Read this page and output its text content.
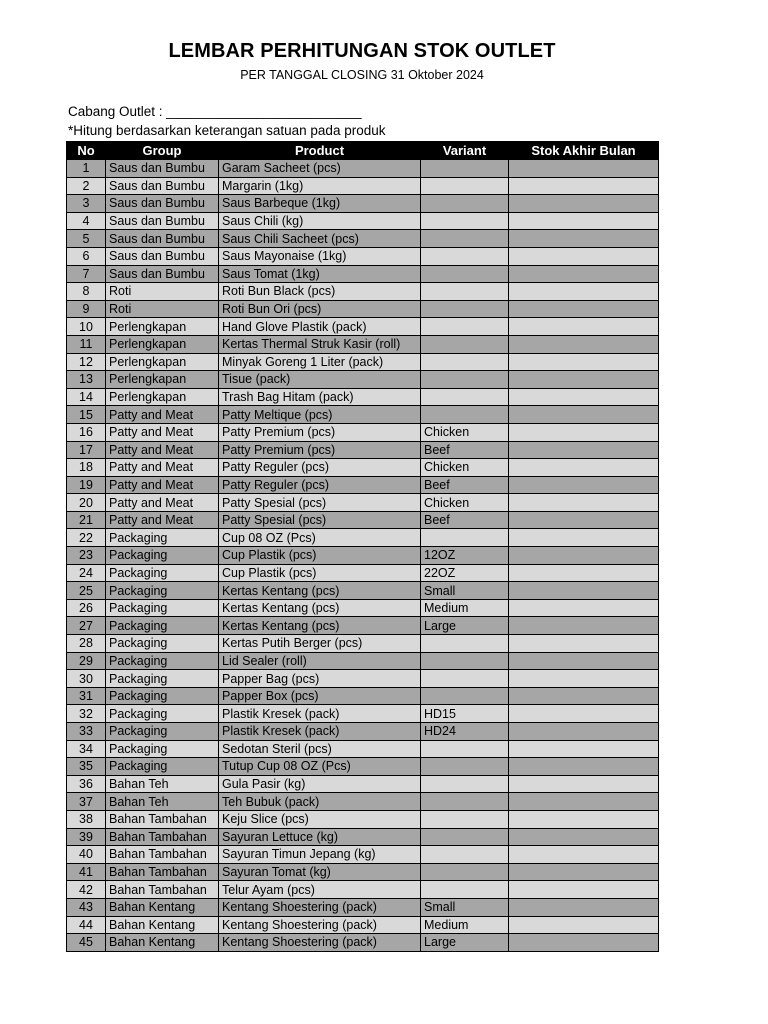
LEMBAR PERHITUNGAN STOK OUTLET
PER TANGGAL CLOSING 31 Oktober 2024
Cabang Outlet : __________________________
*Hitung berdasarkan keterangan satuan pada produk
No	Group	Product	Variant	Stok Akhir Bulan
1	Saus dan Bumbu	Garam Sacheet (pcs)		
2	Saus dan Bumbu	Margarin (1kg)		
3	Saus dan Bumbu	Saus Barbeque (1kg)		
4	Saus dan Bumbu	Saus Chili (kg)		
5	Saus dan Bumbu	Saus Chili Sacheet (pcs)		
6	Saus dan Bumbu	Saus Mayonaise (1kg)		
7	Saus dan Bumbu	Saus Tomat (1kg)		
8	Roti	Roti Bun Black (pcs)		
9	Roti	Roti Bun Ori (pcs)		
10	Perlengkapan	Hand Glove Plastik (pack)		
11	Perlengkapan	Kertas Thermal Struk Kasir (roll)		
12	Perlengkapan	Minyak Goreng 1 Liter (pack)		
13	Perlengkapan	Tisue (pack)		
14	Perlengkapan	Trash Bag Hitam (pack)		
15	Patty and Meat	Patty Meltique (pcs)		
16	Patty and Meat	Patty Premium (pcs)	Chicken	
17	Patty and Meat	Patty Premium (pcs)	Beef	
18	Patty and Meat	Patty Reguler (pcs)	Chicken	
19	Patty and Meat	Patty Reguler (pcs)	Beef	
20	Patty and Meat	Patty Spesial (pcs)	Chicken	
21	Patty and Meat	Patty Spesial (pcs)	Beef	
22	Packaging	Cup 08 OZ (Pcs)		
23	Packaging	Cup Plastik (pcs)	12OZ	
24	Packaging	Cup Plastik (pcs)	22OZ	
25	Packaging	Kertas Kentang (pcs)	Small	
26	Packaging	Kertas Kentang (pcs)	Medium	
27	Packaging	Kertas Kentang (pcs)	Large	
28	Packaging	Kertas Putih Berger (pcs)		
29	Packaging	Lid Sealer (roll)		
30	Packaging	Papper Bag (pcs)		
31	Packaging	Papper Box (pcs)		
32	Packaging	Plastik Kresek (pack)	HD15	
33	Packaging	Plastik Kresek (pack)	HD24	
34	Packaging	Sedotan Steril (pcs)		
35	Packaging	Tutup Cup 08 OZ (Pcs)		
36	Bahan Teh	Gula Pasir (kg)		
37	Bahan Teh	Teh Bubuk (pack)		
38	Bahan Tambahan	Keju Slice (pcs)		
39	Bahan Tambahan	Sayuran Lettuce (kg)		
40	Bahan Tambahan	Sayuran Timun Jepang (kg)		
41	Bahan Tambahan	Sayuran Tomat (kg)		
42	Bahan Tambahan	Telur Ayam (pcs)		
43	Bahan Kentang	Kentang Shoestering (pack)	Small	
44	Bahan Kentang	Kentang Shoestering (pack)	Medium	
45	Bahan Kentang	Kentang Shoestering (pack)	Large	
